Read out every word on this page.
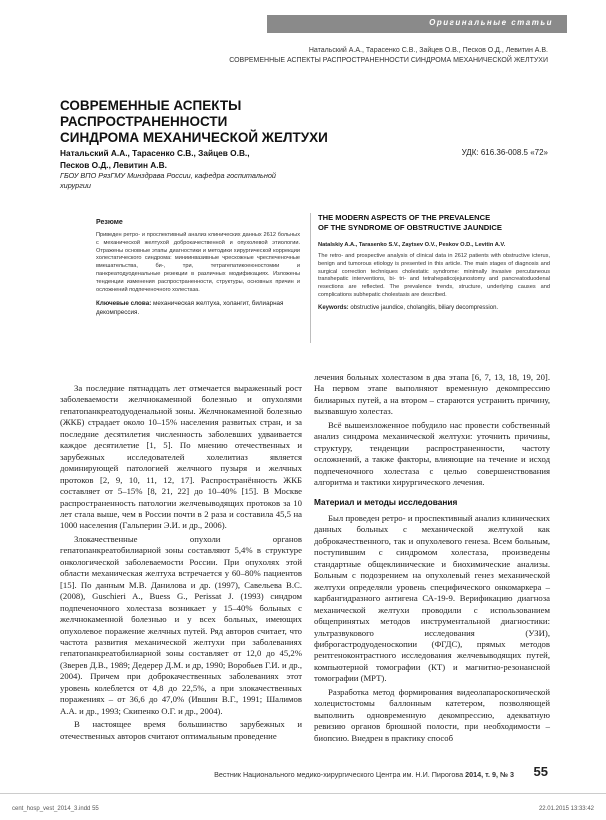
Оригинальные статьи
Натальский А.А., Тарасенко С.В., Зайцев О.В., Песков О.Д., Левитин А.В.
СОВРЕМЕННЫЕ АСПЕКТЫ РАСПРОСТРАНЕННОСТИ СИНДРОМА МЕХАНИЧЕСКОЙ ЖЕЛТУХИ
СОВРЕМЕННЫЕ АСПЕКТЫ РАСПРОСТРАНЕННОСТИ
СИНДРОМА МЕХАНИЧЕСКОЙ ЖЕЛТУХИ
Натальский А.А., Тарасенко С.В., Зайцев О.В.,
Песков О.Д., Левитин А.В.
ГБОУ ВПО РязГМУ Минздрава России, кафедра госпитальной
хирургии
УДК: 616.36-008.5 «72»
Резюме
Приведен ретро- и проспективный анализ клинических данных 2612 больных с механической желтухой доброкачественной и опухолевой этиологии. Отражены основные этапы диагностики и методики хирургической коррекции холестатического синдрома: миниинвазивные чрескожные чреспеченочные вмешательства, би-, три, тетрагепатикоеюностомии и панкреатодуоденальные резекции в различных модификациях. Изложены тенденции изменения распространенности, структуры, основных причин и осложнений подпеченочного холестаза.
Ключевые слова: механическая желтуха, холангит, билиарная декомпрессия.
THE MODERN ASPECTS OF THE PREVALENCE
OF THE SYNDROME OF OBSTRUCTIVE JAUNDICE
Natalskiy A.A., Tarasenko S.V., Zaytsev O.V., Peskov O.D., Levitin A.V.
The retro- and prospective analysis of clinical data in 2612 patients with obstructive icterus, benign and tumorous etiology is presented in this article. The main stages of diagnosis and surgical correction techniques cholestatic syndrome: minimally invasive percutaneous transhepatic interventions, bi- tri- and tetrahepaticojejunostomy and pancreatoduodenal resections are reflected. The prevalence trends, structure, underlying causes and complications subhepatic cholestasis are described.
Keywords: obstructive jaundice, cholangitis, biliary decompression.

За последние пятнадцать лет отмечается выраженный рост заболеваемости желчнокаменной болезнью и опухолями гепатопанкреатодуоденальной зоны. Желчнокаменной болезнью (ЖКБ) страдает около 10–15% населения развитых стран, и за последние десятилетия численность заболевших удваивается каждое десятилетие [1, 5]. По мнению отечественных и зарубежных исследователей холелитиаз является доминирующей патологией желчного пузыря и желчных протоков [2, 9, 10, 11, 12, 17]. Распространённость ЖКБ составляет от 5–15% [8, 21, 22] до 10–40% [15]. В Москве распространенность патологии желчевыводящих протоков за 10 лет стала выше, чем в России почти в 2 раза и составила 45,5 на 1000 населения (Гальперин Э.И. и др., 2006).

Злокачественные опухоли органов гепатопанкреатобилиарной зоны составляют 5,4% в структуре онкологической заболеваемости России. При опухолях этой области механическая желтуха встречается у 60–80% пациентов [15]. По данным М.В. Данилова и др. (1997), Савельева В.С. (2008), Guschieri A., Buess G., Perissat J. (1993) синдром подпеченочного холестаза возникает у 15–40% больных с желчнокаменной болезнью и у всех больных, имеющих опухолевое поражение желчных путей. Ряд авторов считает, что частота развития механической желтухи при заболеваниях гепатопанкреатобилиарной зоны составляет от 12,0 до 45,2% (Зверев Д.В., 1989; Дедерер Д.М. и др, 1990; Воробьев Г.И. и др., 2004). Причем при доброкачественных заболеваниях этот уровень колеблется от 4,8 до 22,5%, а при злокачественных поражениях – от 36,6 до 47,0% (Ившин В.Г., 1991; Шалимов А.А. и др., 1993; Скипенко О.Г. и др., 2004).

В настоящее время большинство зарубежных и отечественных авторов считают оптимальным проведение

лечения больных холестазом в два этапа [6, 7, 13, 18, 19, 20]. На первом этапе выполняют временную декомпрессию билиарных путей, а на втором – стараются устранить причину, вызвавшую холестаз.

Всё вышеизложенное побудило нас провести собственный анализ синдрома механической желтухи: уточнить причины, структуру, тенденции распространенности, частоту осложнений, а также факторы, влияющие на течение и исход подпеченочного холестаза с целью совершенствования алгоритма и тактики хирургического лечения.

Материал и методы исследования

Был проведен ретро- и проспективный анализ клинических данных больных с механической желтухой как доброкачественного, так и опухолевого генеза. Всем больным, поступившим с синдромом холестаза, произведены стандартные общеклинические и биохимические анализы. Больным с подозрением на опухолевый генез механической желтухи определяли уровень специфического онкомаркера – карбангидразного антигена СА-19-9. Верификацию диагноза механической желтухи проводили с использованием общепринятых методов инструментальной диагностики: ультразвукового исследования (УЗИ), фиброгастродуоденоскопии (ФГДС), прямых методов рентгеноконтрастного исследования желчевыводящих путей, компьютерной томографии (КТ) и магнитно-резонансной томографии (МРТ).

Разработка метод формирования видеолапароскопической холецистостомы баллонным катетером, позволяющей выполнить одновременную декомпрессию, адекватную ревизию органов брюшной полости, при необходимости – биопсию. Внедрен в практику способ

Вестник Национального медико-хирургического Центра им. Н.И. Пирогова 2014, т. 9, № 3 55
cent_hosp_vest_2014_3.indd 55	22.01.2015 13:33:42
